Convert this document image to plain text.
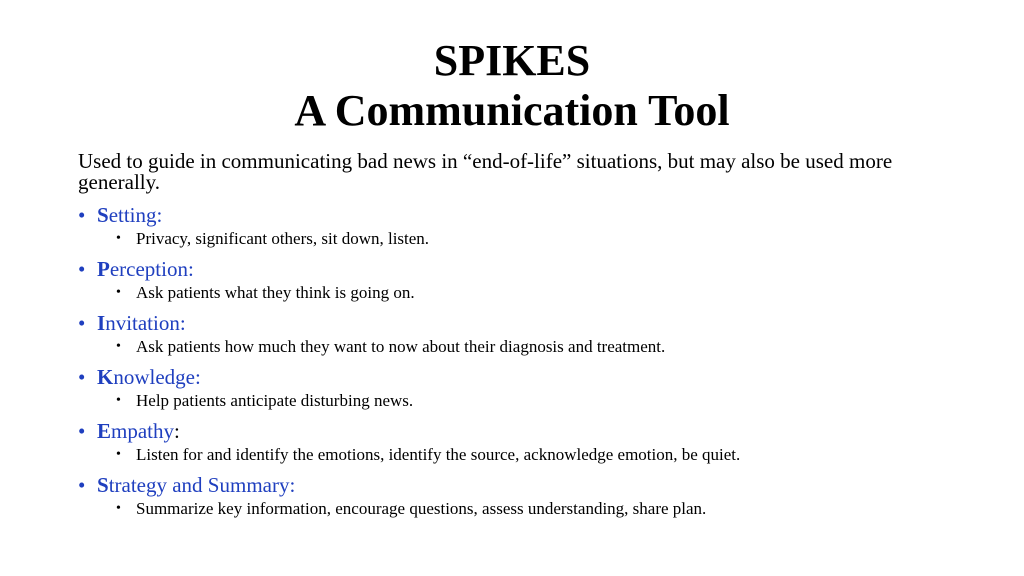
SPIKES
A Communication Tool

Used to guide in communicating bad news in “end-of-life” situations, but may also be used more generally.

• Setting:
• Privacy, significant others, sit down, listen.
• Perception:
• Ask patients what they think is going on.
• Invitation:
• Ask patients how much they want to now about their diagnosis and treatment.
• Knowledge:
• Help patients anticipate disturbing news.
• Empathy:
• Listen for and identify the emotions, identify the source, acknowledge emotion, be quiet.
• Strategy and Summary:
• Summarize key information, encourage questions, assess understanding, share plan.
